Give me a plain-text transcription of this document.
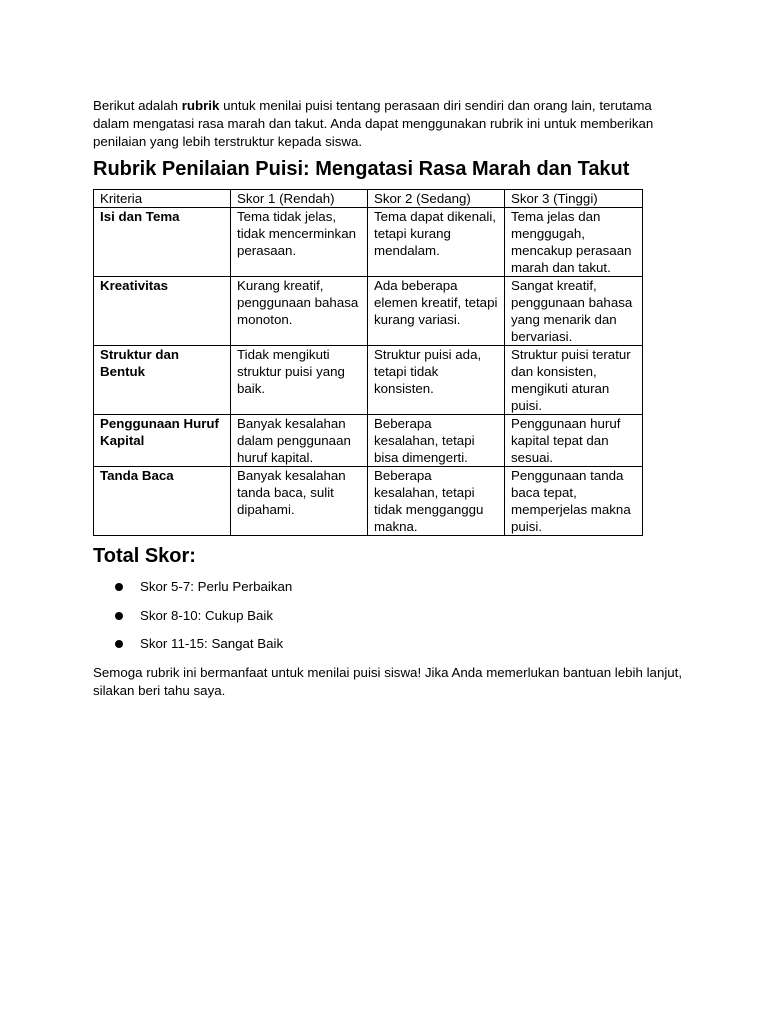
Berikut adalah rubrik untuk menilai puisi tentang perasaan diri sendiri dan orang lain, terutama dalam mengatasi rasa marah dan takut. Anda dapat menggunakan rubrik ini untuk memberikan penilaian yang lebih terstruktur kepada siswa.

Rubrik Penilaian Puisi: Mengatasi Rasa Marah dan Takut
Kriteria	Skor 1 (Rendah)	Skor 2 (Sedang)	Skor 3 (Tinggi)
Isi dan Tema	Tema tidak jelas, tidak mencerminkan perasaan.	Tema dapat dikenali, tetapi kurang mendalam.	Tema jelas dan menggugah, mencakup perasaan marah dan takut.
Kreativitas	Kurang kreatif, penggunaan bahasa monoton.	Ada beberapa elemen kreatif, tetapi kurang variasi.	Sangat kreatif, penggunaan bahasa yang menarik dan bervariasi.
Struktur dan Bentuk	Tidak mengikuti struktur puisi yang baik.	Struktur puisi ada, tetapi tidak konsisten.	Struktur puisi teratur dan konsisten, mengikuti aturan puisi.
Penggunaan Huruf Kapital	Banyak kesalahan dalam penggunaan huruf kapital.	Beberapa kesalahan, tetapi bisa dimengerti.	Penggunaan huruf kapital tepat dan sesuai.
Tanda Baca	Banyak kesalahan tanda baca, sulit dipahami.	Beberapa kesalahan, tetapi tidak mengganggu makna.	Penggunaan tanda baca tepat, memperjelas makna puisi.
Total Skor:
Skor 5-7: Perlu Perbaikan
Skor 8-10: Cukup Baik
Skor 11-15: Sangat Baik

Semoga rubrik ini bermanfaat untuk menilai puisi siswa! Jika Anda memerlukan bantuan lebih lanjut, silakan beri tahu saya.
